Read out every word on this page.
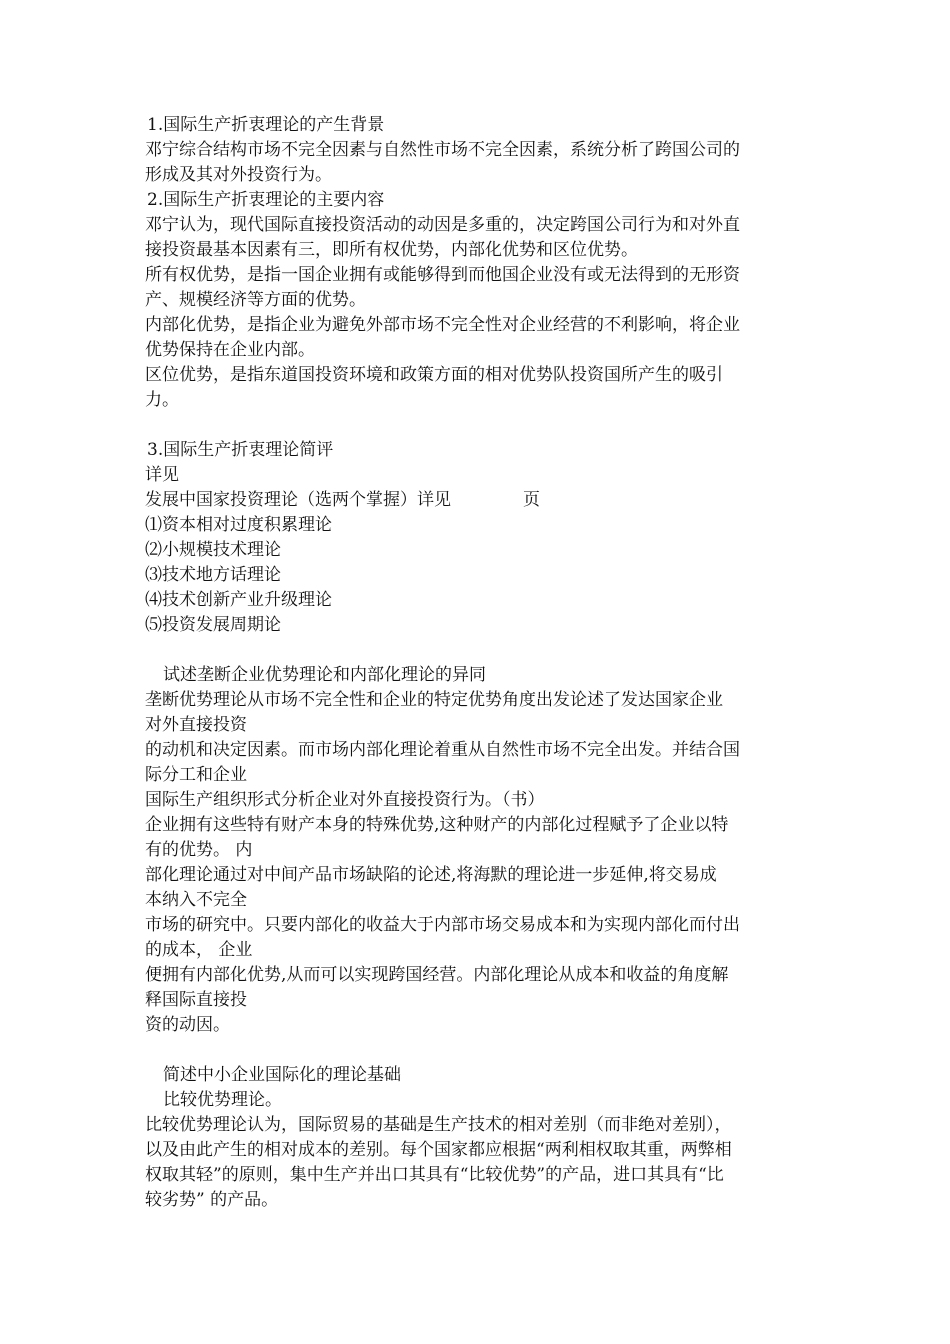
1.国际生产折衷理论的产生背景

邓宁综合结构市场不完全因素与自然性市场不完全因素，系统分析了跨国公司的

形成及其对外投资行为。

2.国际生产折衷理论的主要内容

邓宁认为，现代国际直接投资活动的动因是多重的，决定跨国公司行为和对外直

接投资最基本因素有三，即所有权优势，内部化优势和区位优势。

所有权优势，是指一国企业拥有或能够得到而他国企业没有或无法得到的无形资

产、规模经济等方面的优势。

内部化优势，是指企业为避免外部市场不完全性对企业经营的不利影响，将企业

优势保持在企业内部。

区位优势，是指东道国投资环境和政策方面的相对优势队投资国所产生的吸引

力。

3.国际生产折衷理论简评

详见

发展中国家投资理论（选两个掌握）详见	页

⑴资本相对过度积累理论

⑵小规模技术理论

⑶技术地方话理论

⑷技术创新产业升级理论

⑸投资发展周期论

试述垄断企业优势理论和内部化理论的异同

垄断优势理论从市场不完全性和企业的特定优势角度出发论述了发达国家企业

对外直接投资

的动机和决定因素。而市场内部化理论着重从自然性市场不完全出发。并结合国

际分工和企业

国际生产组织形式分析企业对外直接投资行为。（书）

企业拥有这些特有财产本身的特殊优势,这种财产的内部化过程赋予了企业以特

有的优势。 内

部化理论通过对中间产品市场缺陷的论述,将海默的理论进一步延伸,将交易成

本纳入不完全

市场的研究中。只要内部化的收益大于内部市场交易成本和为实现内部化而付出

的成本， 企业

便拥有内部化优势,从而可以实现跨国经营。内部化理论从成本和收益的角度解

释国际直接投

资的动因。

简述中小企业国际化的理论基础

比较优势理论。

比较优势理论认为，国际贸易的基础是生产技术的相对差别（而非绝对差别），

以及由此产生的相对成本的差别。每个国家都应根据“两利相权取其重，两弊相

权取其轻”的原则，集中生产并出口其具有“比较优势”的产品，进口其具有“比

较劣势” 的产品。
